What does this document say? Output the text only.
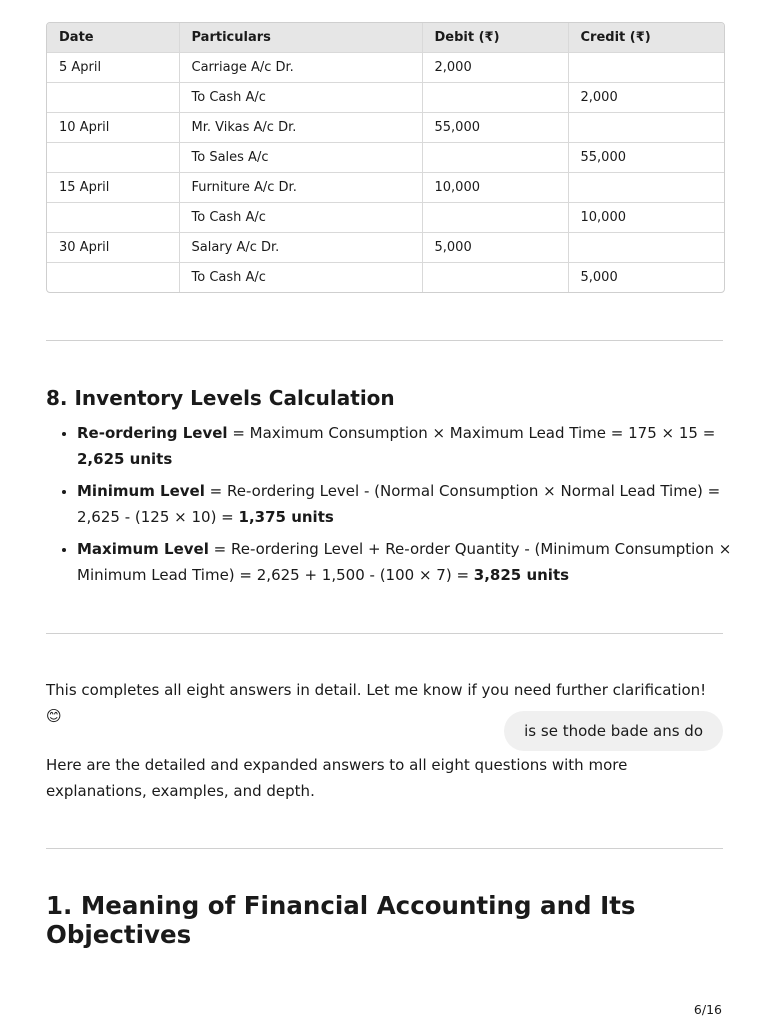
Date	Particulars	Debit (₹)	Credit (₹)
5 April	Carriage A/c Dr.	2,000	
	To Cash A/c		2,000
10 April	Mr. Vikas A/c Dr.	55,000	
	To Sales A/c		55,000
15 April	Furniture A/c Dr.	10,000	
	To Cash A/c		10,000
30 April	Salary A/c Dr.	5,000	
	To Cash A/c		5,000
8. Inventory Levels Calculation
• Re-ordering Level = Maximum Consumption × Maximum Lead Time = 175 × 15 = 2,625 units
• Minimum Level = Re-ordering Level - (Normal Consumption × Normal Lead Time) = 2,625 - (125 × 10) = 1,375 units
• Maximum Level = Re-ordering Level + Re-order Quantity - (Minimum Consumption × Minimum Lead Time) = 2,625 + 1,500 - (100 × 7) = 3,825 units

This completes all eight answers in detail. Let me know if you need further clarification! 😊

is se thode bade ans do

Here are the detailed and expanded answers to all eight questions with more explanations, examples, and depth.

1. Meaning of Financial Accounting and Its Objectives
6/16
